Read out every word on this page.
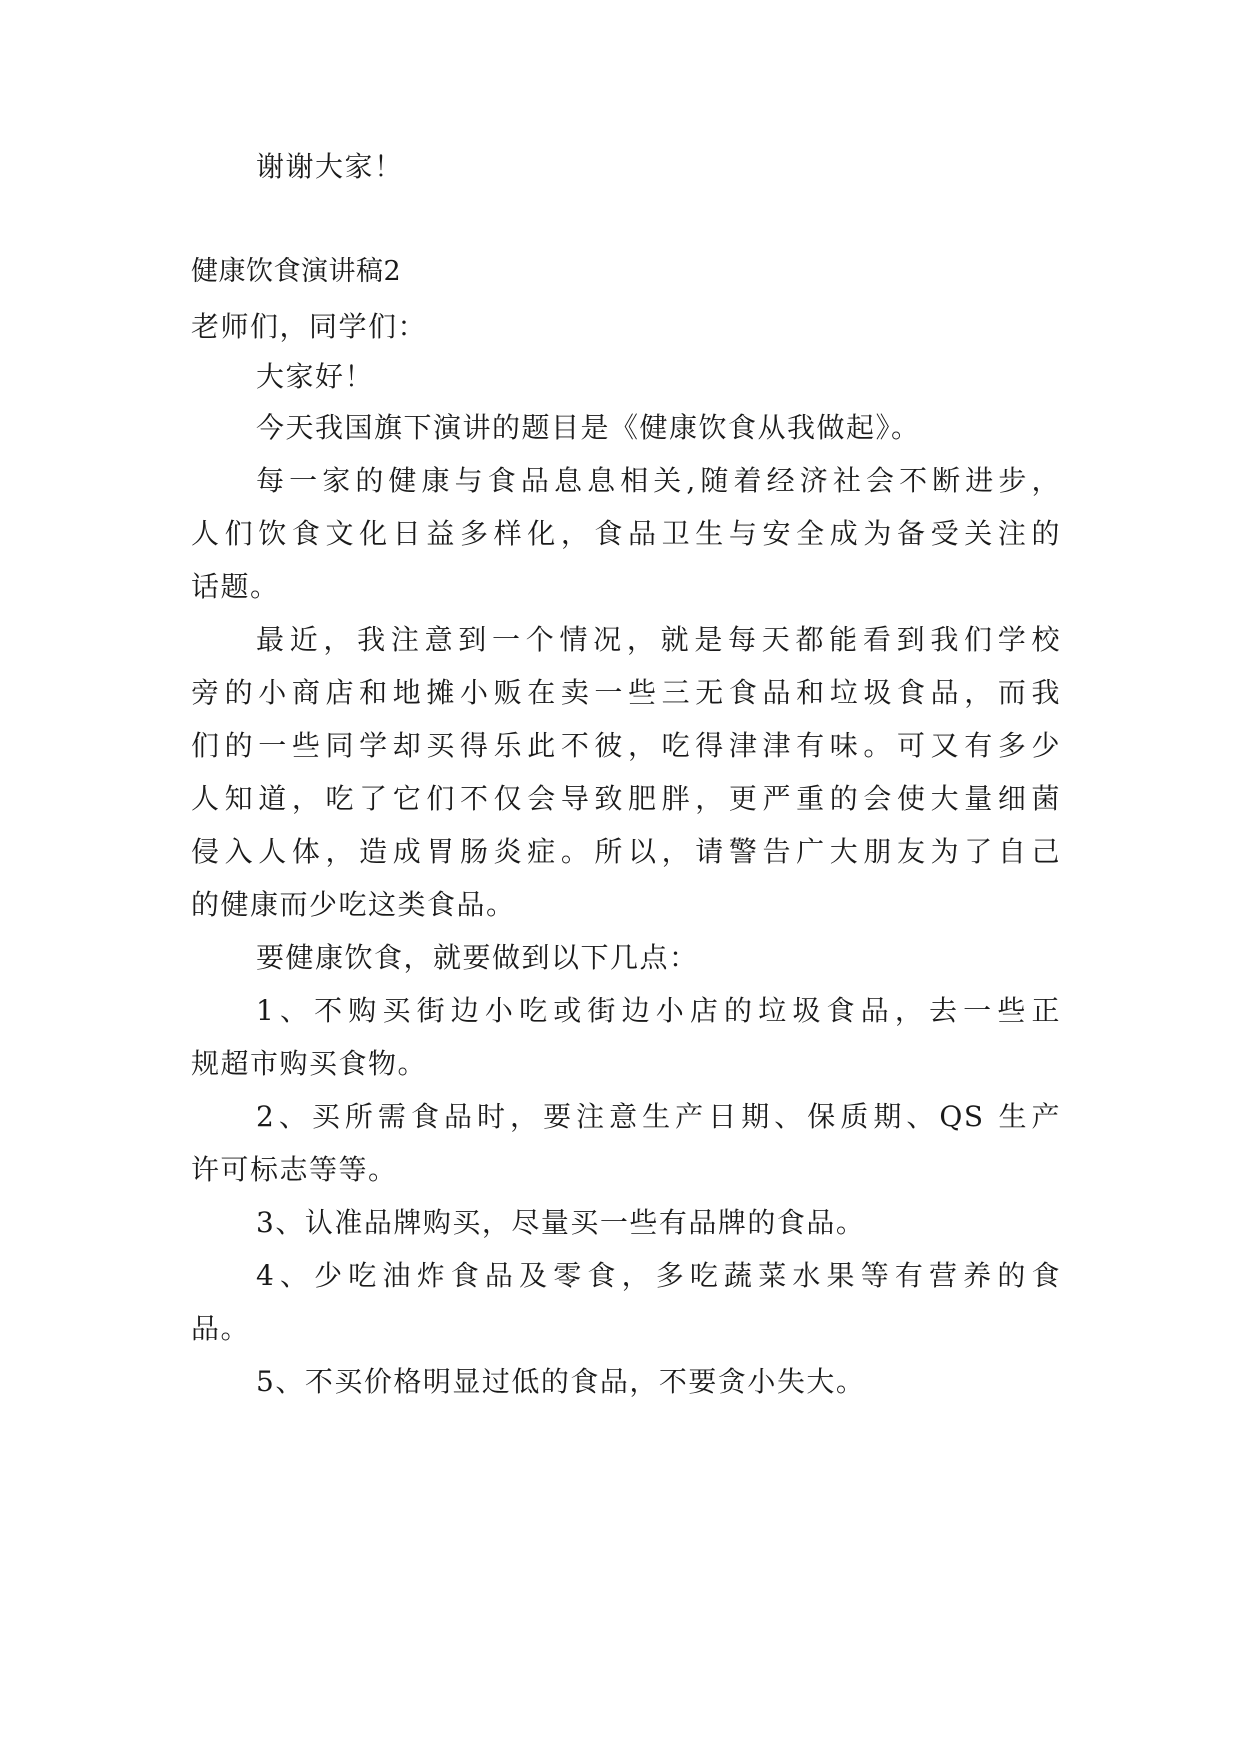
谢谢大家！
健康饮食演讲稿2
老师们，同学们：
大家好！
今天我国旗下演讲的题目是《健康饮食从我做起》。
每一家的健康与食品息息相关,随着经济社会不断进步，
人们饮食文化日益多样化，食品卫生与安全成为备受关注的
话题。
最近，我注意到一个情况，就是每天都能看到我们学校
旁的小商店和地摊小贩在卖一些三无食品和垃圾食品，而我
们的一些同学却买得乐此不彼，吃得津津有味。可又有多少
人知道，吃了它们不仅会导致肥胖，更严重的会使大量细菌
侵入人体，造成胃肠炎症。所以，请警告广大朋友为了自己
的健康而少吃这类食品。
要健康饮食，就要做到以下几点：
1、不购买街边小吃或街边小店的垃圾食品，去一些正
规超市购买食物。
2、买所需食品时，要注意生产日期、保质期、QS 生产
许可标志等等。
3、认准品牌购买，尽量买一些有品牌的食品。
4、少吃油炸食品及零食，多吃蔬菜水果等有营养的食
品。
5、不买价格明显过低的食品，不要贪小失大。
